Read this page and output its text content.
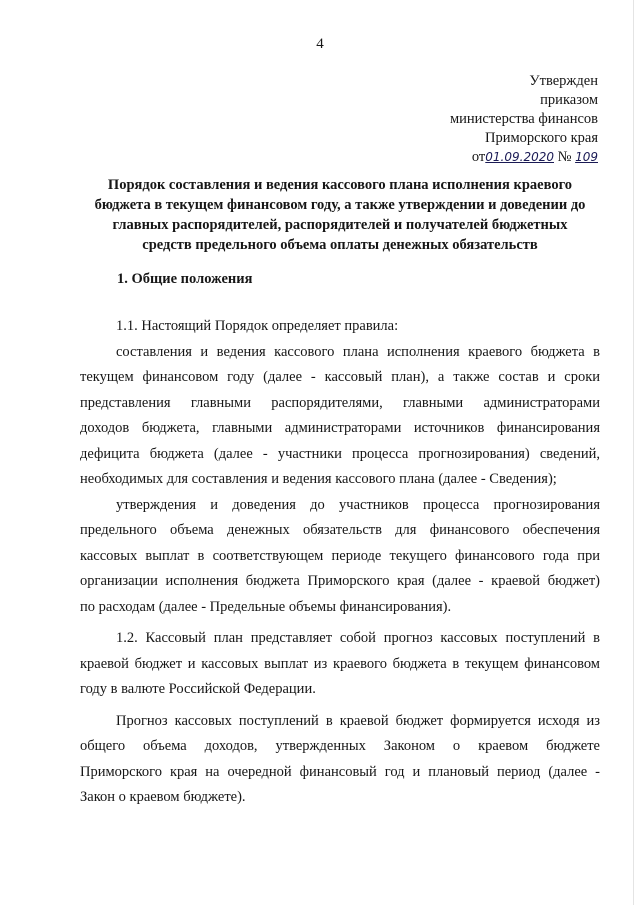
4
Утвержден
приказом
министерства финансов
Приморского края
от01.09.2020 № 109
Порядок составления и ведения кассового плана исполнения краевого
бюджета в текущем финансовом году, а также утверждении и доведении до
главных распорядителей, распорядителей и получателей бюджетных
средств предельного объема оплаты денежных обязательств
1. Общие положения
1.1. Настоящий Порядок определяет правила:
составления и ведения кассового плана исполнения краевого бюджета в
текущем финансовом году (далее - кассовый план), а также состав и сроки
представления главными распорядителями, главными администраторами
доходов бюджета, главными администраторами источников финансирования
дефицита бюджета (далее - участники процесса прогнозирования) сведений,
необходимых для составления и ведения кассового плана (далее - Сведения);
утверждения и доведения до участников процесса прогнозирования
предельного объема денежных обязательств для финансового обеспечения
кассовых выплат в соответствующем периоде текущего финансового года при
организации исполнения бюджета Приморского края (далее - краевой бюджет)
по расходам (далее - Предельные объемы финансирования).
1.2. Кассовый план представляет собой прогноз кассовых поступлений в
краевой бюджет и кассовых выплат из краевого бюджета в текущем финансовом
году в валюте Российской Федерации.
Прогноз кассовых поступлений в краевой бюджет формируется исходя из
общего объема доходов, утвержденных Законом о краевом бюджете
Приморского края на очередной финансовый год и плановый период (далее -
Закон о краевом бюджете).
